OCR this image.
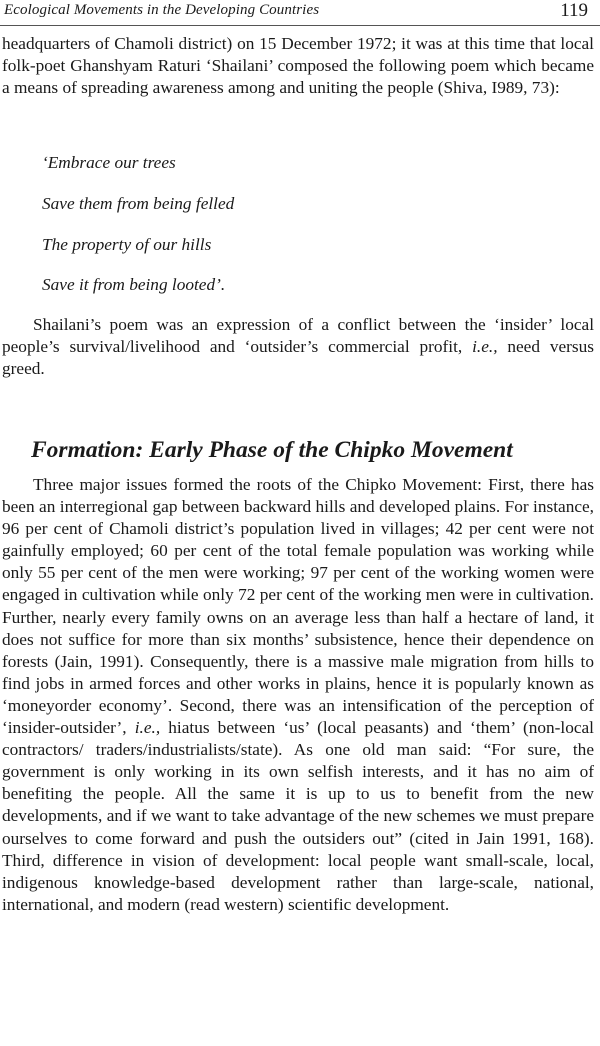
Ecological Movements in the Developing Countries	119

headquarters of Chamoli district) on 15 December 1972; it was at this time that local folk-poet Ghanshyam Raturi ‘Shailani’ composed the following poem which became a means of spreading awareness among and uniting the people (Shiva, I989, 73):

‘Embrace our trees
Save them from being felled
The property of our hills
Save it from being looted’.

Shailani’s poem was an expression of a conflict between the ‘insider’ local people’s survival/livelihood and ‘outsider’s commercial profit, i.e., need versus greed.

Formation: Early Phase of the Chipko Movement

Three major issues formed the roots of the Chipko Movement: First, there has been an interregional gap between backward hills and developed plains. For instance, 96 per cent of Chamoli district’s population lived in villages; 42 per cent were not gainfully employed; 60 per cent of the total female population was working while only 55 per cent of the men were working; 97 per cent of the working women were engaged in cultivation while only 72 per cent of the working men were in cultivation. Further, nearly every family owns on an average less than half a hectare of land, it does not suffice for more than six months’ subsistence, hence their dependence on forests (Jain, 1991). Consequently, there is a massive male migration from hills to find jobs in armed forces and other works in plains, hence it is popularly known as ‘moneyorder economy’. Second, there was an intensification of the perception of ‘insider-outsider’, i.e., hiatus between ‘us’ (local peasants) and ‘them’ (non-local contractors/ traders/industrialists/state). As one old man said: “For sure, the government is only working in its own selfish interests, and it has no aim of benefiting the people. All the same it is up to us to benefit from the new developments, and if we want to take advantage of the new schemes we must prepare ourselves to come forward and push the outsiders out” (cited in Jain 1991, 168). Third, difference in vision of development: local people want small-scale, local, indigenous knowledge-based development rather than large-scale, national, international, and modern (read western) scientific development.
